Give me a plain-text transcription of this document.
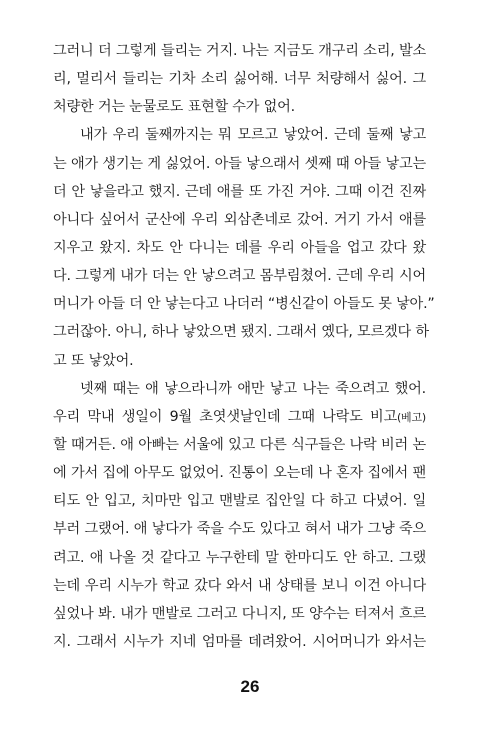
그러니 더 그렇게 들리는 거지. 나는 지금도 개구리 소리, 발소
리, 멀리서 들리는 기차 소리 싫어해. 너무 처량해서 싫어. 그
처량한 거는 눈물로도 표현할 수가 없어.
내가 우리 둘째까지는 뭐 모르고 낳았어. 근데 둘째 낳고
는 애가 생기는 게 싫었어. 아들 낳으래서 셋째 때 아들 낳고는
더 안 낳을라고 했지. 근데 애를 또 가진 거야. 그때 이건 진짜
아니다 싶어서 군산에 우리 외삼촌네로 갔어. 거기 가서 애를
지우고 왔지. 차도 안 다니는 데를 우리 아들을 업고 갔다 왔
다. 그렇게 내가 더는 안 낳으려고 몸부림쳤어. 근데 우리 시어
머니가 아들 더 안 낳는다고 나더러 “병신같이 아들도 못 낳아.”
그러잖아. 아니, 하나 낳았으면 됐지. 그래서 옜다, 모르겠다 하
고 또 낳았어.
넷째 때는 애 낳으라니까 애만 낳고 나는 죽으려고 했어.
우리 막내 생일이 9월 초엿샛날인데 그때 나락도 비고(베고)
할 때거든. 애 아빠는 서울에 있고 다른 식구들은 나락 비러 논
에 가서 집에 아무도 없었어. 진통이 오는데 나 혼자 집에서 팬
티도 안 입고, 치마만 입고 맨발로 집안일 다 하고 다녔어. 일
부러 그랬어. 애 낳다가 죽을 수도 있다고 혀서 내가 그냥 죽으
려고. 애 나올 것 같다고 누구한테 말 한마디도 안 하고. 그랬
는데 우리 시누가 학교 갔다 와서 내 상태를 보니 이건 아니다
싶었나 봐. 내가 맨발로 그러고 다니지, 또 양수는 터져서 흐르
지. 그래서 시누가 지네 엄마를 데려왔어. 시어머니가 와서는
26
